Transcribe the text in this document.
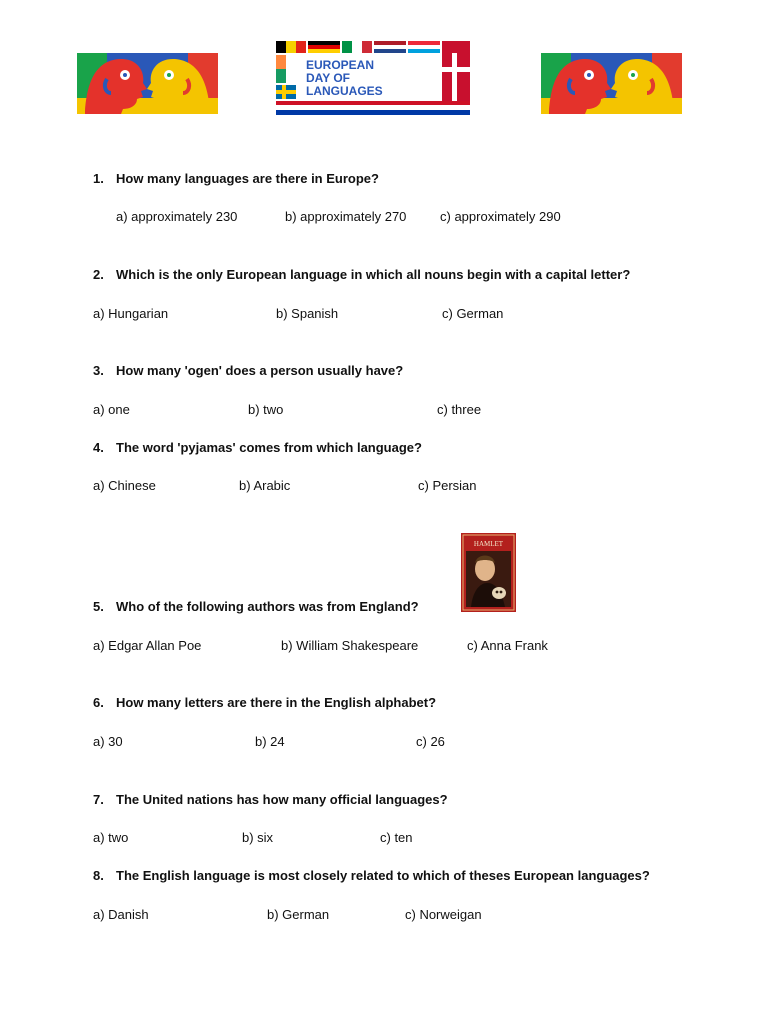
EUROPEAN
DAY OF
LANGUAGES
1. How many languages are there in Europe?
a) approximately 230	b) approximately 270	c) approximately 290
2. Which is the only European language in which all nouns begin with a capital letter?
a) Hungarian	b) Spanish	c) German
3. How many 'ogen' does a person usually have?
a) one	b) two	c) three
4. The word 'pyjamas' comes from which language?
a) Chinese	b) Arabic	c) Persian
HAMLET
5. Who of the following authors was from England?
a) Edgar Allan Poe	b) William Shakespeare	c) Anna Frank
6. How many letters are there in the English alphabet?
a) 30	b) 24	c) 26
7. The United nations has how many official languages?
a) two	b) six	c) ten
8. The English language is most closely related to which of theses European languages?
a) Danish	b) German	c) Norweigan
